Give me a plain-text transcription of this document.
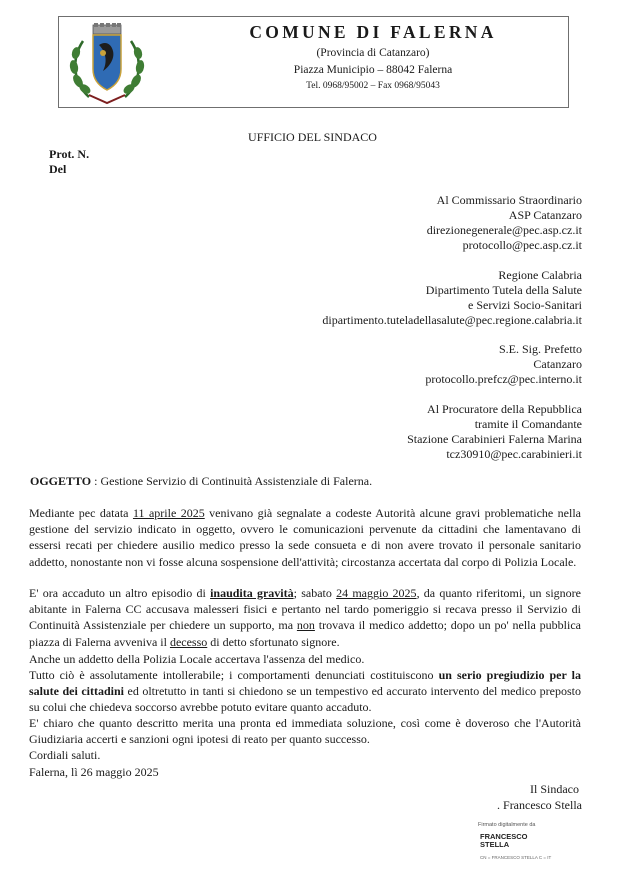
COMUNE DI FALERNA
(Provincia di Catanzaro)
Piazza Municipio – 88042 Falerna
Tel. 0968/95002 – Fax 0968/95043
UFFICIO DEL SINDACO
Prot. N.
Del
Al Commissario Straordinario
ASP Catanzaro
direzionegenerale@pec.asp.cz.it
protocollo@pec.asp.cz.it
Regione Calabria
Dipartimento Tutela della Salute
e Servizi Socio-Sanitari
dipartimento.tuteladellasalute@pec.regione.calabria.it
S.E. Sig. Prefetto
Catanzaro
protocollo.prefcz@pec.interno.it
Al Procuratore della Repubblica
tramite il Comandante
Stazione Carabinieri Falerna Marina
tcz30910@pec.carabinieri.it
OGGETTO : Gestione Servizio di Continuità Assistenziale di Falerna.
Mediante pec datata 11 aprile 2025 venivano già segnalate a codeste Autorità alcune gravi problematiche nella gestione del servizio indicato in oggetto, ovvero le comunicazioni pervenute da cittadini che lamentavano di essersi recati per chiedere ausilio medico presso la sede consueta e di non avere trovato il personale sanitario addetto, nonostante non vi fosse alcuna sospensione dell'attività; circostanza accertata dal corpo di Polizia Locale.
E' ora accaduto un altro episodio di inaudita gravità; sabato 24 maggio 2025, da quanto riferitomi, un signore abitante in Falerna CC accusava malesseri fisici e pertanto nel tardo pomeriggio si recava presso il Servizio di Continuità Assistenziale per chiedere un supporto, ma non trovava il medico addetto; dopo un po' nella pubblica piazza di Falerna avveniva il decesso di detto sfortunato signore.
Anche un addetto della Polizia Locale accertava l'assenza del medico.
Tutto ciò è assolutamente intollerabile; i comportamenti denunciati costituiscono un serio pregiudizio per la salute dei cittadini ed oltretutto in tanti si chiedono se un tempestivo ed accurato intervento del medico preposto su colui che chiedeva soccorso avrebbe potuto evitare quanto accaduto.
E' chiaro che quanto descritto merita una pronta ed immediata soluzione, così come è doveroso che l'Autorità Giudiziaria accerti e sanzioni ogni ipotesi di reato per quanto successo.
Cordiali saluti.
Falerna, lì 26 maggio 2025
Il Sindaco
. Francesco Stella
Firmato digitalmente da
FRANCESCO STELLA
CN = FRANCESCO STELLA C = IT
